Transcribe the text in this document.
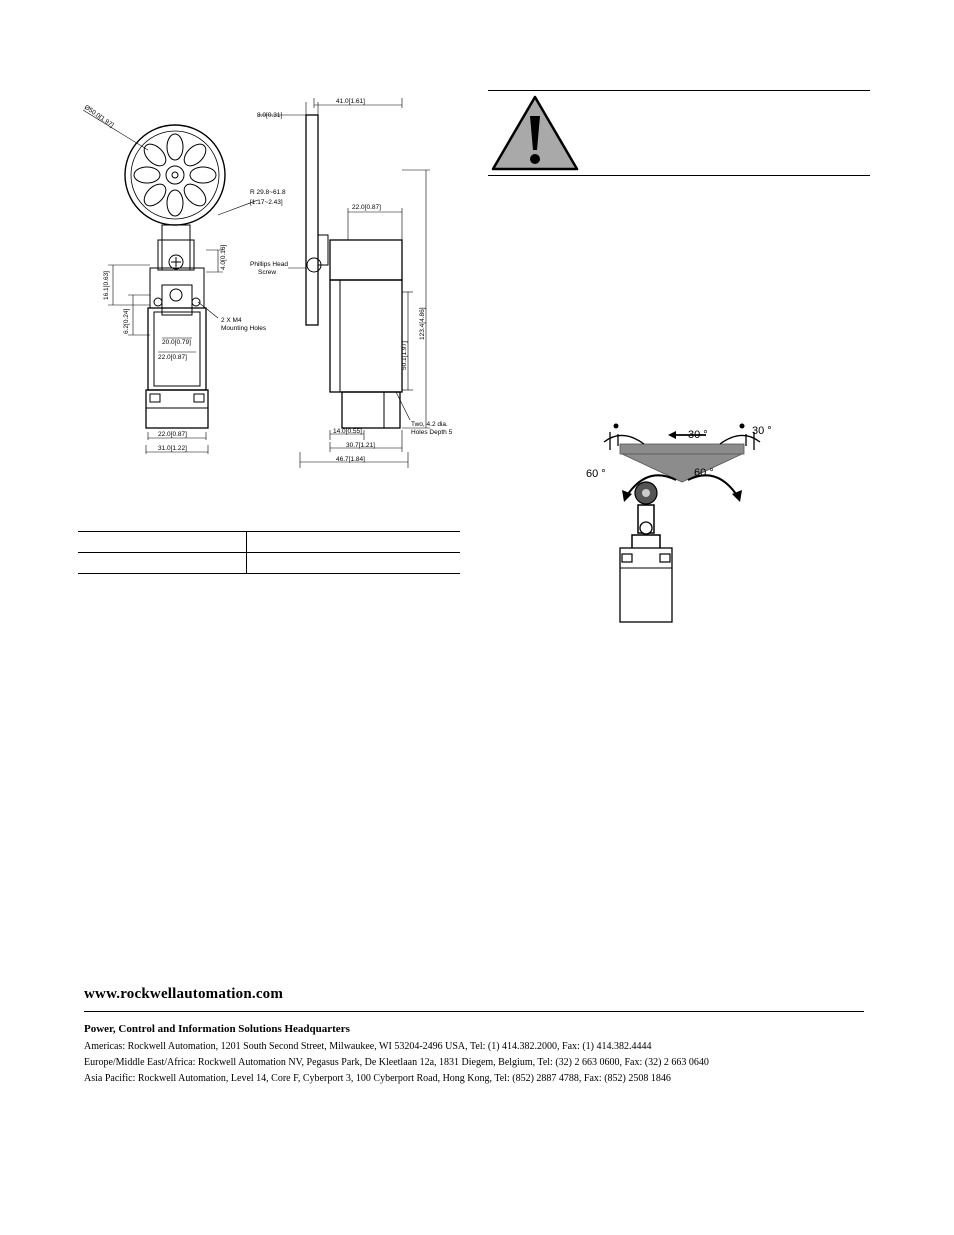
Ø50.0[1.97]
R 29.8~61.8
[1.17~2.43]
16.1[0.63]
6.2[0.24]
4.0[0.16]
2 X M4
Mounting Holes
20.0[0.79]
22.0[0.87]
22.0[0.87]
31.0[1.22]
8.0[0.31]
41.0[1.61]
22.0[0.87]
Phillips Head
Screw
123.4[4.86]
50.1[1.97]
14.0[0.55]
30.7[1.21]
46.7[1.84]
Two, 4.2 dia.
Holes Depth 5

		30 °	30 °
60 °	60 °
www.rockwellautomation.com
Power, Control and Information Solutions Headquarters
Americas: Rockwell Automation, 1201 South Second Street, Milwaukee, WI 53204-2496 USA, Tel: (1) 414.382.2000, Fax: (1) 414.382.4444
Europe/Middle East/Africa: Rockwell Automation NV, Pegasus Park, De Kleetlaan 12a, 1831 Diegem, Belgium, Tel: (32) 2 663 0600, Fax: (32) 2 663 0640
Asia Pacific: Rockwell Automation, Level 14, Core F, Cyberport 3, 100 Cyberport Road, Hong Kong, Tel: (852) 2887 4788, Fax: (852) 2508 1846
